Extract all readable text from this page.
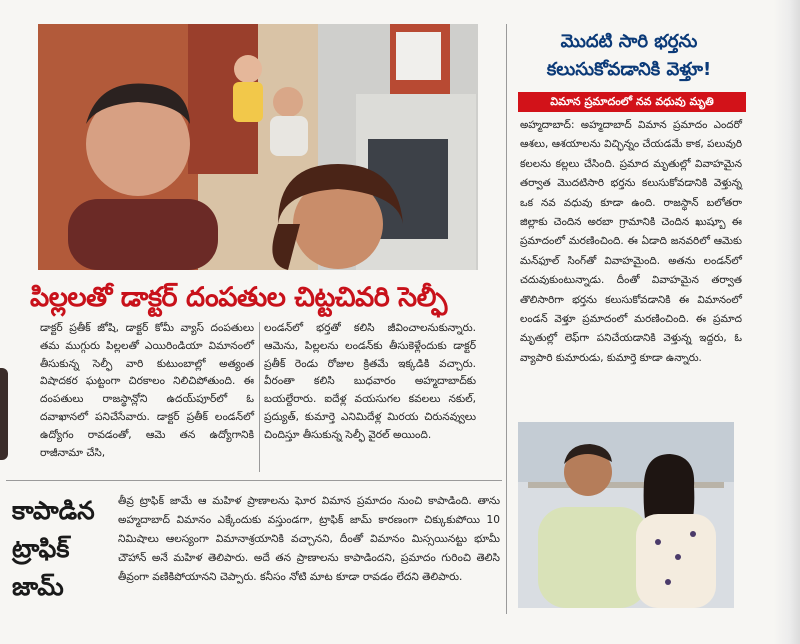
పిల్లలతో డాక్టర్ దంపతుల చిట్టచివరి సెల్ఫీ

డాక్టర్ ప్రతీక్ జోషి, డాక్టర్ కోమీ వ్యాస్ దంపతులు తమ ముగ్గురు పిల్లలతో ఎయిరిండియా విమానంలో తీసుకున్న సెల్ఫీ వారి కుటుంబాల్లో అత్యంత విషాదకర ఘట్టంగా చిరకాలం నిలిచిపోతుంది. ఈ దంపతులు రాజస్థాన్లోని ఉదయ్‌పూర్‌లో ఓ దవాఖానలో పనిచేసేవారు. డాక్టర్ ప్రతీక్ లండన్‌లో ఉద్యోగం రావడంతో, ఆమె తన ఉద్యోగానికి రాజీనామా చేసి,

లండన్‌లో భర్తతో కలిసి జీవించాలనుకున్నారు. ఆమెను, పిల్లలను లండన్‌కు తీసుకెళ్లేందుకు డాక్టర్ ప్రతీక్ రెండు రోజుల క్రితమే ఇక్కడికి వచ్చారు. వీరంతా కలిసి బుధవారం అహ్మదాబాద్‌కు బయల్దేరారు. ఐదేళ్ల వయసుగల కవలలు నకుల్, ప్రద్యుత్, కుమార్తె ఎనిమిదేళ్ల మిరయ చిరునవ్వులు చిందిస్తూ తీసుకున్న సెల్ఫీ వైరల్ అయింది.

కాపాడిన
ట్రాఫిక్
జామ్

తీవ్ర ట్రాఫిక్ జామే ఆ మహిళ ప్రాణాలను ఘోర విమాన ప్రమాదం నుంచి కాపాడింది. తాను అహ్మదాబాద్ విమానం ఎక్కేందుకు వస్తుండగా, ట్రాఫిక్ జామ్ కారణంగా చిక్కుకుపోయి 10 నిమిషాలు ఆలస్యంగా విమానాశ్రయానికి వచ్చానని, దీంతో విమానం మిస్సయినట్టు భూమీ చౌహాన్ అనే మహిళ తెలిపారు. అదే తన ప్రాణాలను కాపాడిందని, ప్రమాదం గురించి తెలిసి తీవ్రంగా వణికిపోయానని చెప్పారు. కనీసం నోటి మాట కూడా రావడం లేదని తెలిపారు.

మొదటి సారి భర్తను
కలుసుకోవడానికి వెళ్తూ!
విమాన ప్రమాదంలో నవ వధువు మృతి

అహ్మదాబాద్: అహ్మదాబాద్ విమాన ప్రమాదం ఎందరో ఆశలు, ఆశయాలను విచ్ఛిన్నం చేయడమే కాక, పలువురి కలలను కల్లలు చేసింది. ప్రమాద మృతుల్లో వివాహమైన తర్వాత మొదటిసారి భర్తను కలుసుకోవడానికి వెళ్తున్న ఒక నవ వధువు కూడా ఉంది. రాజస్థాన్ బలోతరా జిల్లాకు చెందిన అరబా గ్రామానికి చెందిన ఖుష్బూ ఈ ప్రమాదంలో మరణించింది. ఈ ఏడాది జనవరిలో ఆమెకు మన్‌ఫూల్ సింగ్‌తో వివాహమైంది. అతను లండన్‌లో చదువుకుంటున్నాడు. దీంతో వివాహమైన తర్వాత తొలిసారిగా భర్తను కలుసుకోవడానికి ఈ విమానంలో లండన్ వెళ్తూ ప్రమాదంలో మరణించింది. ఈ ప్రమాద మృతుల్లో లెఫ్‌గా పనిచేయడానికి వెళ్తున్న ఇద్దరు, ఓ వ్యాపారి కుమారుడు, కుమార్తె కూడా ఉన్నారు.
